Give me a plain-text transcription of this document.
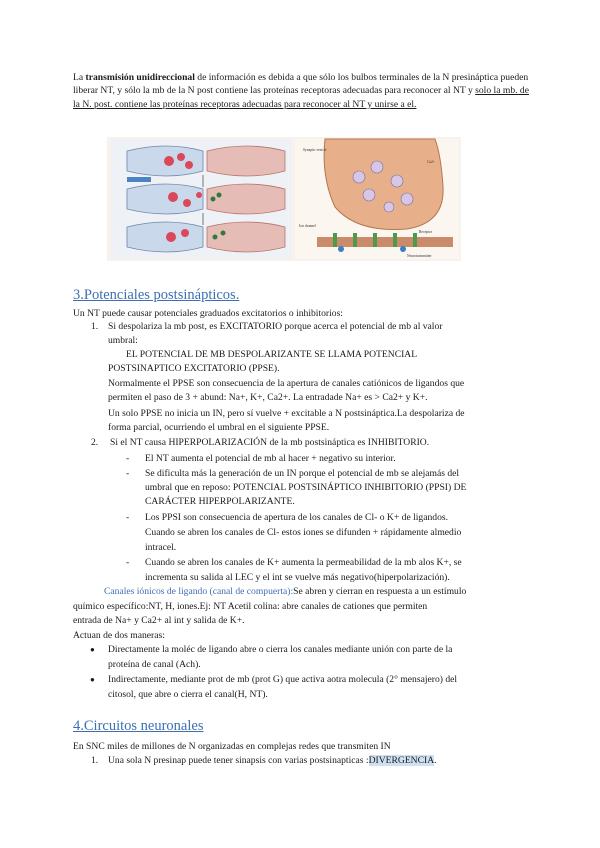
La transmisión unidireccional de información es debida a que sólo los bulbos terminales de la N presináptica pueden liberar NT, y sólo la mb de la N post contiene las proteínas receptoras adecuadas para reconocer al NT y solo la mb. de la N. post. contiene las proteínas receptoras adecuadas para reconocer al NT y unirse a el.
Synaptic vesicle
Ca2+
Ion channel
Receptor
Neurotransmitter
3.Potenciales postsinápticos.
Un NT puede causar potenciales graduados excitatorios o inhibitorios:
1. Si despolariza la mb post, es EXCITATORIO porque acerca el potencial de mb al valor
umbral:
EL POTENCIAL DE MB DESPOLARIZANTE SE LLAMA POTENCIAL
POSTSINAPTICO EXCITATORIO (PPSE).
Normalmente el PPSE son consecuencia de la apertura de canales catiónicos de ligandos que
permiten el paso de 3 + abund: Na+, K+, Ca2+. La entradade Na+ es > Ca2+ y K+.
Un solo PPSE no inicia un IN, pero sí vuelve + excitable a N postsináptica.La despolariza de
forma parcial, ocurriendo el umbral en el siguiente PPSE.
2. Si el NT causa HIPERPOLARIZACIÓN de la mb postsináptica es INHIBITORIO.
- El NT aumenta el potencial de mb al hacer + negativo su interior.
- Se dificulta más la generación de un IN porque el potencial de mb se alejamás del
umbral que en reposo: POTENCIAL POSTSINÁPTICO INHIBITORIO (PPSI) DE
CARÁCTER HIPERPOLARIZANTE.
- Los PPSI son consecuencia de apertura de los canales de Cl- o K+ de ligandos.
Cuando se abren los canales de Cl- estos iones se difunden + rápidamente almedio
intracel.
- Cuando se abren los canales de K+ aumenta la permeabilidad de la mb alos K+, se
incrementa su salida al LEC y el int se vuelve más negativo(hiperpolarización).
Canales iónicos de ligando (canal de compuerta):Se abren y cierran en respuesta a un estímulo
químico específico:NT, H, iones.Ej: NT Acetil colina: abre canales de cationes que permiten
entrada de Na+ y Ca2+ al int y salida de K+.
Actuan de dos maneras:
● Directamente la moléc de ligando abre o cierra los canales mediante unión con parte de la
proteína de canal (Ach).
● Indirectamente, mediante prot de mb (prot G) que activa aotra molecula (2° mensajero) del
citosol, que abre o cierra el canal(H, NT).
4.Circuitos neuronales
En SNC miles de millones de N organizadas en complejas redes que transmiten IN
1. Una sola N presinap puede tener sinapsis con varias postsinapticas :DIVERGENCIA.
